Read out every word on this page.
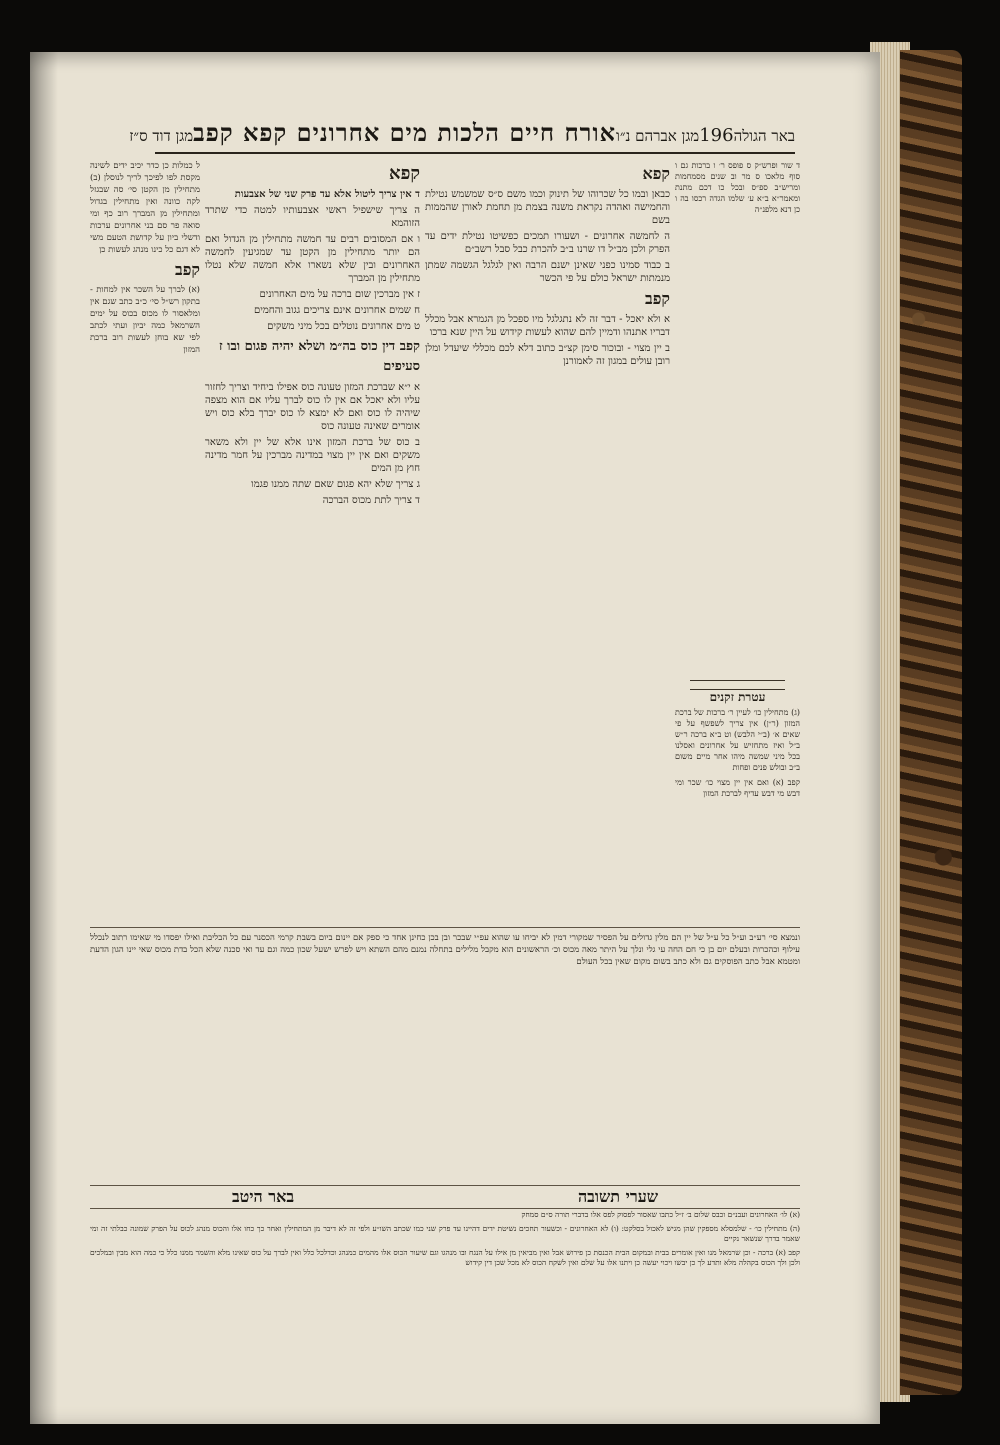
באר הגולה
196
מגן אברהם נ״ו
אורח חיים הלכות מים אחרונים קפא קפב
מגן דוד ס״ז

ד שור ופרש״ק ס פופס ר׳ ו ברכות גם ו סוף מלאכו ס מר וב שנים מסמחמות ומריש״ב ספ״ס ובכל כו דכם מתנת ומאמר״א ב״א ע׳ שלמו הגדה רכסו בה ו כן דנא מלפנ״ה

עטרת זקנים

(ג) מתחילין כו׳ לעיין ר׳ ברכות של ברכת המזון (ר״ן) אין צריך לשפשף על פי שאים א׳ (ב״י הלבש) וט ב״א ברכה ר״ש ב״ל ואיז מתחזיש על אחרונים ואסלנו בכל מיני שמשה מיהו אחר מיים משום ב״ב ובולש פנים ופחות

קפב (א) ואם אין יין מצוי כו׳ שכר ומי דבש מי דבש עדיף לברכת המזון

קפא

כבאן ובמו כל שכרוהו של תינוק וכמו משם ס״ס שמשמש נטילת והחמישה ואהדה נקראת משנה בצמת מן תחמת לאורן שהממות בשם

ה לחמשה אחרונים - ושעורו תמכים כפשיטו נטילת ידים עד הפרק ולכן מב״ל דו שרנו ב״ב להכרת כבל סבל רשב״ם

ב כבוד סמינו כפני שאינן ישנם הרבה ואין לגלגל הגשמה שמתן מנמתות ישראל כולם על פי הכשר

קפב

א ולא יאכל - דבר זה לא נתגלגל מיו ספכל מן הגמרא אבל מכלל דבריו אתנהו ודמיין להם שהוא לעשות קידוש על היין שנא ברכו

ב יין מצוי - ובוכור סימן קצ״ב כתוב דלא לכם מכללי שיעדל ומלן רובן עולים במגון זה לאמורנן

קפא

ד אין צריך ליטול אלא עד פרק שני של אצבעות

ה צריך שישפיל ראשי אצבעותיו למטה כדי שתרד הזוהמא

ו אם המסובים רבים עד חמשה מתחילין מן הגדול ואם הם יותר מתחילין מן הקטן עד שמגיעין לחמשה האחרונים ובין שלא נשארו אלא חמשה שלא נטלו מתחילין מן המברך

ז אין מברכין שום ברכה על מים האחרונים

ח שמים אחרונים אינם צריכים גגוב והחמים

ט מים אחרונים נוטלים בכל מיני משקים

קפב דין כוס בה״מ ושלא יהיה פגום ובו ז סעיפים

א י״א שברכת המזון טעונה כוס אפילו ביחיד וצריך לחזור עליו ולא יאכל אם אין לו כוס לברך עליו אם הוא מצפה שיהיה לו כוס ואם לא ימצא לו כוס יברך בלא כוס ויש אומרים שאינה טעונה כוס

ב כוס של ברכת המזון אינו אלא של יין ולא משאר משקים ואם אין יין מצוי במדינה מברכין על חמר מדינה חוץ מן המים

ג צריך שלא יהא פגום שאם שתה ממנו פגמו

ד צריך לתת מכוס הברכה

ל כמלות כן כדר יכיב ידים לשינה מקסת לפו לפיכך לריך לנוסלן (ב) מתחילין מן הקטן סי׳ סה שבגזל לקה כוונה ואין מתחילין בגדול ומתחילין מן המברך רוב כף ומי סואה פר סם בני אחרונים ערכות ודשלי ביון על קדושת הטעם משי לא דגם כל כינו מנהג לעשות כן

קפב

(א) לברך על השכר אין למחות - בתקון רש״ל סי׳ כ״ב כתב שגם אין ומלאסור לו מכוס בכוס על ימים השרמאל כמה יביון ועתי לכתב לפי שא בוחן לעשות רוב ברכת המזון

ונמצא סי׳ רע״ב וע״ל כל ע״ל של יין הם מלין גדולים על הפסיר שמקורי דמין לא יביחו עו שהוא עפ״י שבכר ובן בכן כחינן אחד כי ספק אם יינום ביום בשבת קרמי הכסנר עם כל הבליבת ואילו יפסדו מי שאימו רתוב לנכלל עילוף וכהכרות ובעלם יום בן כי חם החה עי גלי ונלך על היתר מאה מכוס וכ׳ הראשונים הוא מקבל מלילים בתחלה נמנם מהם השתא ויש לפרש ישעל שכון כמה וגם עד ואי סכנה שלא הכל בדת מכוס שאי יינו הגון הדעת ומטמא אבל כתב הפוסקים גם ולא כתב בשום מקום שאין בכל העולם

שערי תשובה
באר היטב

(א) לו׳ האחרונים ועבנ״ם וכבס שלום ב׳ ז״ל כתבו שאסור לפסוק לפס אלו בדברי תורה ס״ם סמחק

(ה) מתחילין כו׳ - שלמסלא מספקין שהן מגיש לאכול בסלקט: (ו) לא האחרונים - וכשעור תחכים נשיטת ידים דהיינו עד פרק שני כמו שכתב השו״ע ולפי זה לא דיבר מן המתחילין ואחר כך כחו אלו והכוס מנהג לכוס על הפרק שמונה כבלתי זה ומי שאמר בדרך שנשאר נקיים

קפב (א) ברכה - וכן שרמאל מנו ואין אומרים בבית ובמקום הבית הכנסת כן פירוש אבל ואין מביאין מן אילו על הנגח ובו מנהגו וגם שיעור הכוס אלו מהמים כמנהג וכדלכל כלל ואין לברך על כוס שאינו מלא והשמר ממנו כלל כי כמה הוא מבין ובמלכים ולכן ולך הכוס בקהלה מלא ותדע לך כן יבשו ויכוי יעשה כן ויתנו אלו על שלם ואין לשקח הכוס לא מכל שכן דין קידוש
